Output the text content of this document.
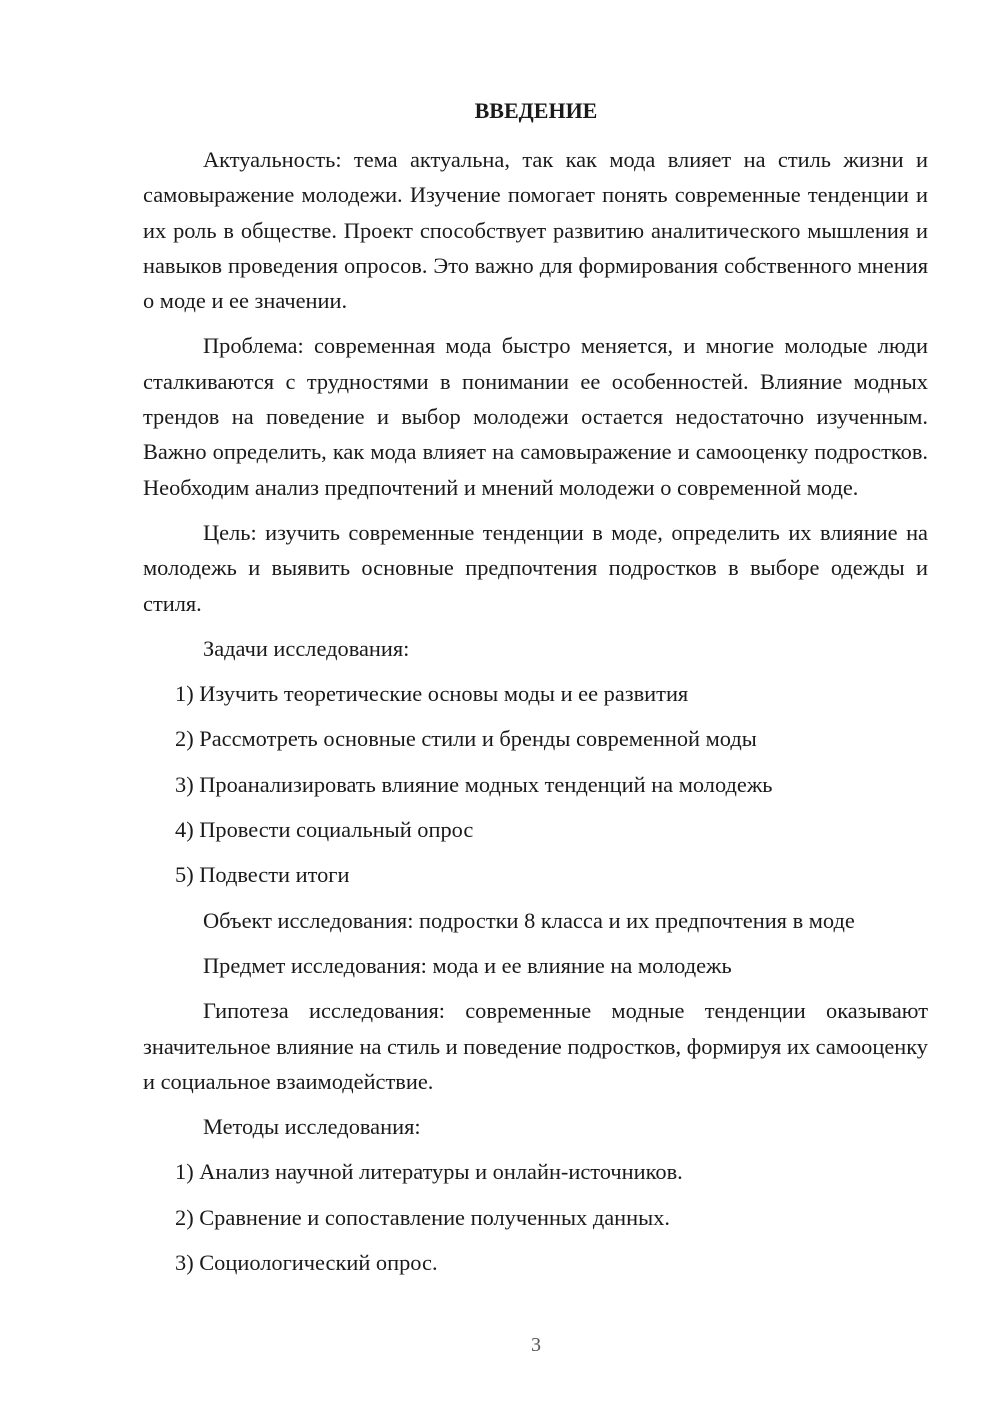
ВВЕДЕНИЕ

Актуальность: тема актуальна, так как мода влияет на стиль жизни и самовыражение молодежи. Изучение помогает понять современные тенденции и их роль в обществе. Проект способствует развитию аналитического мышления и навыков проведения опросов. Это важно для формирования собственного мнения о моде и ее значении.

Проблема: современная мода быстро меняется, и многие молодые люди сталкиваются с трудностями в понимании ее особенностей. Влияние модных трендов на поведение и выбор молодежи остается недостаточно изученным. Важно определить, как мода влияет на самовыражение и самооценку подростков. Необходим анализ предпочтений и мнений молодежи о современной моде.

Цель: изучить современные тенденции в моде, определить их влияние на молодежь и выявить основные предпочтения подростков в выборе одежды и стиля.

Задачи исследования:

1) Изучить теоретические основы моды и ее развития

2) Рассмотреть основные стили и бренды современной моды

3) Проанализировать влияние модных тенденций на молодежь

4) Провести социальный опрос

5) Подвести итоги

Объект исследования: подростки 8 класса и их предпочтения в моде

Предмет исследования: мода и ее влияние на молодежь

Гипотеза исследования: современные модные тенденции оказывают значительное влияние на стиль и поведение подростков, формируя их самооценку и социальное взаимодействие.

Методы исследования:

1) Анализ научной литературы и онлайн-источников.

2) Сравнение и сопоставление полученных данных.

3) Социологический опрос.

3
